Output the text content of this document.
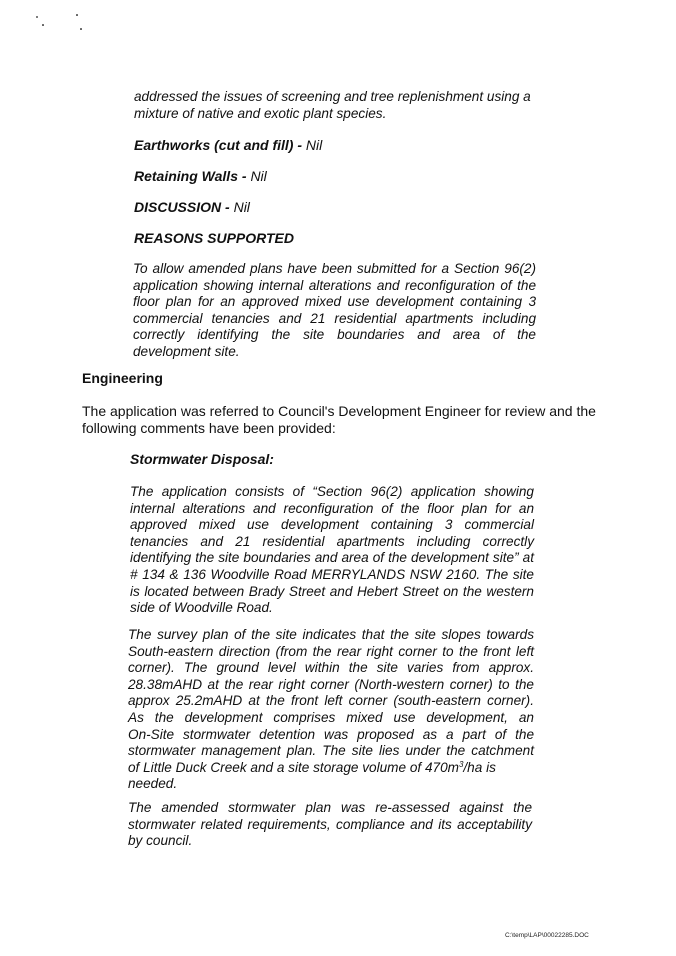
addressed the issues of screening and tree replenishment using a
mixture of native and exotic plant species.
Earthworks (cut and fill) - Nil
Retaining Walls - Nil
DISCUSSION - Nil
REASONS SUPPORTED
To allow amended plans have been submitted for a Section 96(2)
application showing internal alterations and reconfiguration of the
floor plan for an approved mixed use development containing 3
commercial tenancies and 21 residential apartments including
correctly identifying the site boundaries and area of the
development site.
Engineering
The application was referred to Council's Development Engineer for review and the
following comments have been provided:
Stormwater Disposal:
The application consists of “Section 96(2) application showing
internal alterations and reconfiguration of the floor plan for an
approved mixed use development containing 3 commercial
tenancies and 21 residential apartments including correctly
identifying the site boundaries and area of the development site” at
# 134 & 136 Woodville Road MERRYLANDS NSW 2160. The site
is located between Brady Street and Hebert Street on the western
side of Woodville Road.
The survey plan of the site indicates that the site slopes towards
South-eastern direction (from the rear right corner to the front left
corner). The ground level within the site varies from approx.
28.38mAHD at the rear right corner (North-western corner) to the
approx 25.2mAHD at the front left corner (south-eastern corner).
As the development comprises mixed use development, an
On-Site stormwater detention was proposed as a part of the
stormwater management plan. The site lies under the catchment
of Little Duck Creek and a site storage volume of $470m^3/ha$ is
needed.
The amended stormwater plan was re-assessed against the
stormwater related requirements, compliance and its acceptability
by council.
C:\temp\LAP\00022285.DOC
